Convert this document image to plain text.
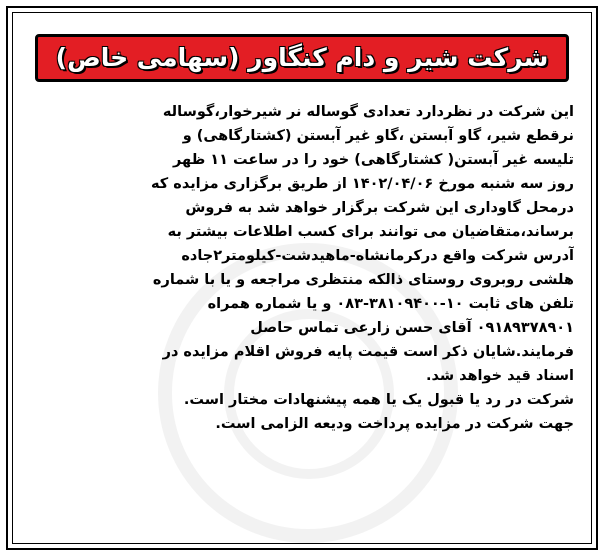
شرکت شیر و دام کنگاور (سهامی خاص)
این شرکت در نظردارد تعدادی گوساله نر شیرخوار،گوساله
نرقطع شیر، گاو آبستن ،گاو غیر آبستن (کشتارگاهی) و
تلیسه غیر آبستن( کشتارگاهی) خود را در ساعت ۱۱ ظهر
روز سه شنبه مورخ ۱۴۰۲/۰۴/۰۶ از طریق برگزاری مزایده که
درمحل گاوداری این شرکت برگزار خواهد شد به فروش
برساند،متقاضیان می توانند برای کسب اطلاعات بیشتر به
آدرس شرکت واقع درکرمانشاه-ماهیدشت-کیلومتر۲جاده
هلشی روبروی روستای ذالکه منتظری مراجعه و یا با شماره
تلفن های ثابت ۱۰-۳۸۱۰۹۴۰۰-۰۸۳ و یا شماره همراه
۰۹۱۸۹۳۷۸۹۰۱ آقای حسن زارعی تماس حاصل
فرمایند.شایان ذکر است قیمت پایه فروش اقلام مزایده در
اسناد قید خواهد شد.
شرکت در رد یا قبول یک یا همه پیشنهادات مختار است.
جهت شرکت در مزایده پرداخت ودیعه الزامی است.
